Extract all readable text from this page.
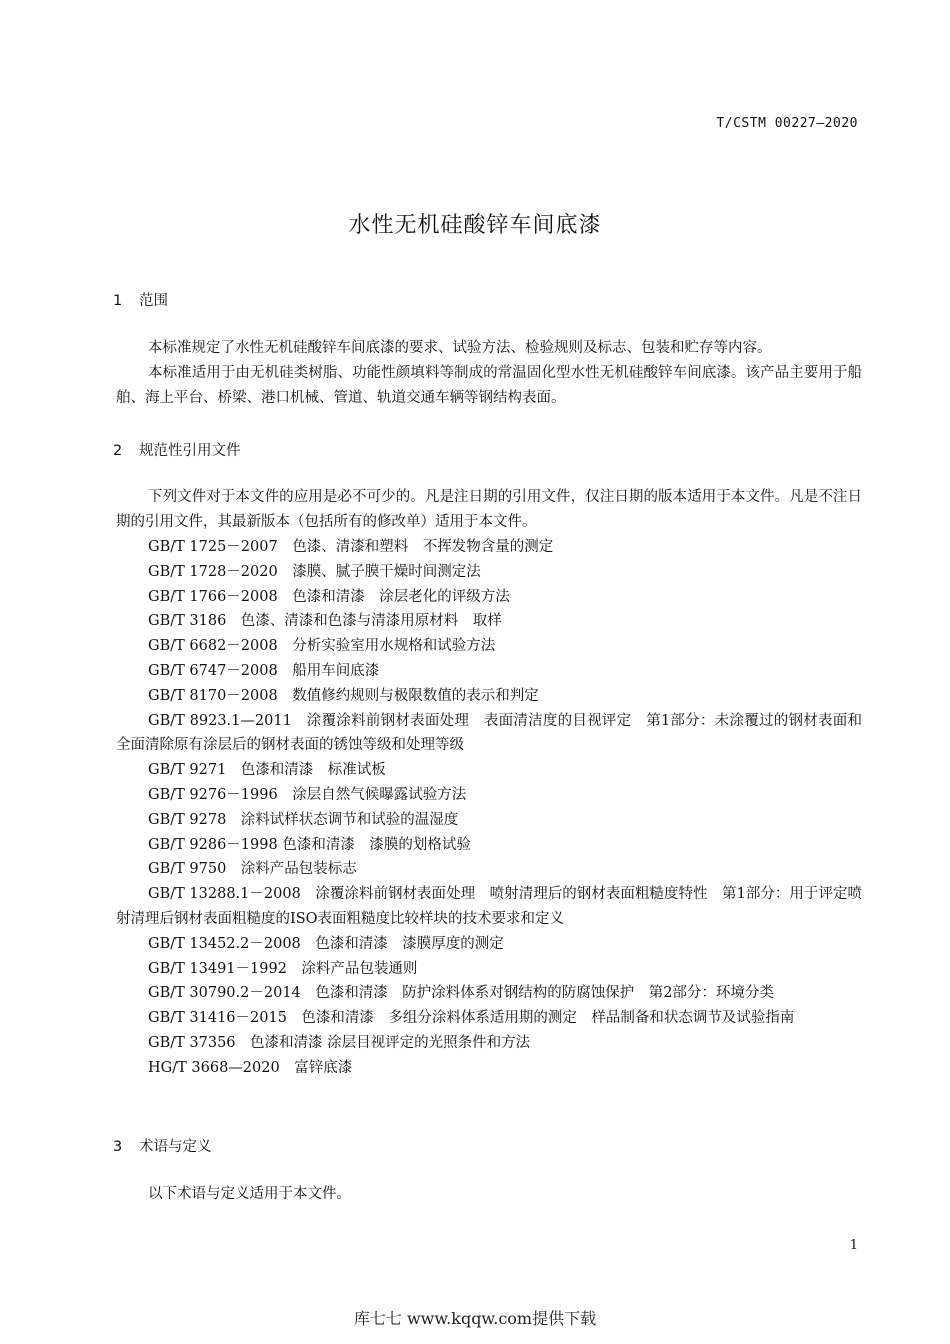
T/CSTM 00227—2020
水性无机硅酸锌车间底漆
1 范围

本标准规定了水性无机硅酸锌车间底漆的要求、试验方法、检验规则及标志、包装和贮存等内容。

本标准适用于由无机硅类树脂、功能性颜填料等制成的常温固化型水性无机硅酸锌车间底漆。该产品主要用于船舶、海上平台、桥梁、港口机械、管道、轨道交通车辆等钢结构表面。

2 规范性引用文件

下列文件对于本文件的应用是必不可少的。凡是注日期的引用文件，仅注日期的版本适用于本文件。凡是不注日期的引用文件，其最新版本（包括所有的修改单）适用于本文件。

GB/T 1725－2007　色漆、清漆和塑料　不挥发物含量的测定
GB/T 1728－2020　漆膜、腻子膜干燥时间测定法
GB/T 1766－2008　色漆和清漆　涂层老化的评级方法
GB/T 3186　色漆、清漆和色漆与清漆用原材料　取样
GB/T 6682－2008　分析实验室用水规格和试验方法
GB/T 6747－2008　船用车间底漆
GB/T 8170－2008　数值修约规则与极限数值的表示和判定
GB/T 8923.1—2011　涂覆涂料前钢材表面处理　表面清洁度的目视评定　第1部分：未涂覆过的钢材表面和全面清除原有涂层后的钢材表面的锈蚀等级和处理等级
GB/T 9271　色漆和清漆　标准试板
GB/T 9276－1996　涂层自然气候曝露试验方法
GB/T 9278　涂料试样状态调节和试验的温湿度
GB/T 9286－1998 色漆和清漆　漆膜的划格试验
GB/T 9750　涂料产品包装标志
GB/T 13288.1－2008　涂覆涂料前钢材表面处理　喷射清理后的钢材表面粗糙度特性　第1部分：用于评定喷射清理后钢材表面粗糙度的ISO表面粗糙度比较样块的技术要求和定义
GB/T 13452.2－2008　色漆和清漆　漆膜厚度的测定
GB/T 13491－1992　涂料产品包装通则
GB/T 30790.2－2014　色漆和清漆　防护涂料体系对钢结构的防腐蚀保护　第2部分：环境分类
GB/T 31416－2015　色漆和清漆　多组分涂料体系适用期的测定　样品制备和状态调节及试验指南
GB/T 37356　色漆和清漆 涂层目视评定的光照条件和方法
HG/T 3668—2020　富锌底漆
3 术语与定义

以下术语与定义适用于本文件。

1
库七七 www.kqqw.com提供下载
